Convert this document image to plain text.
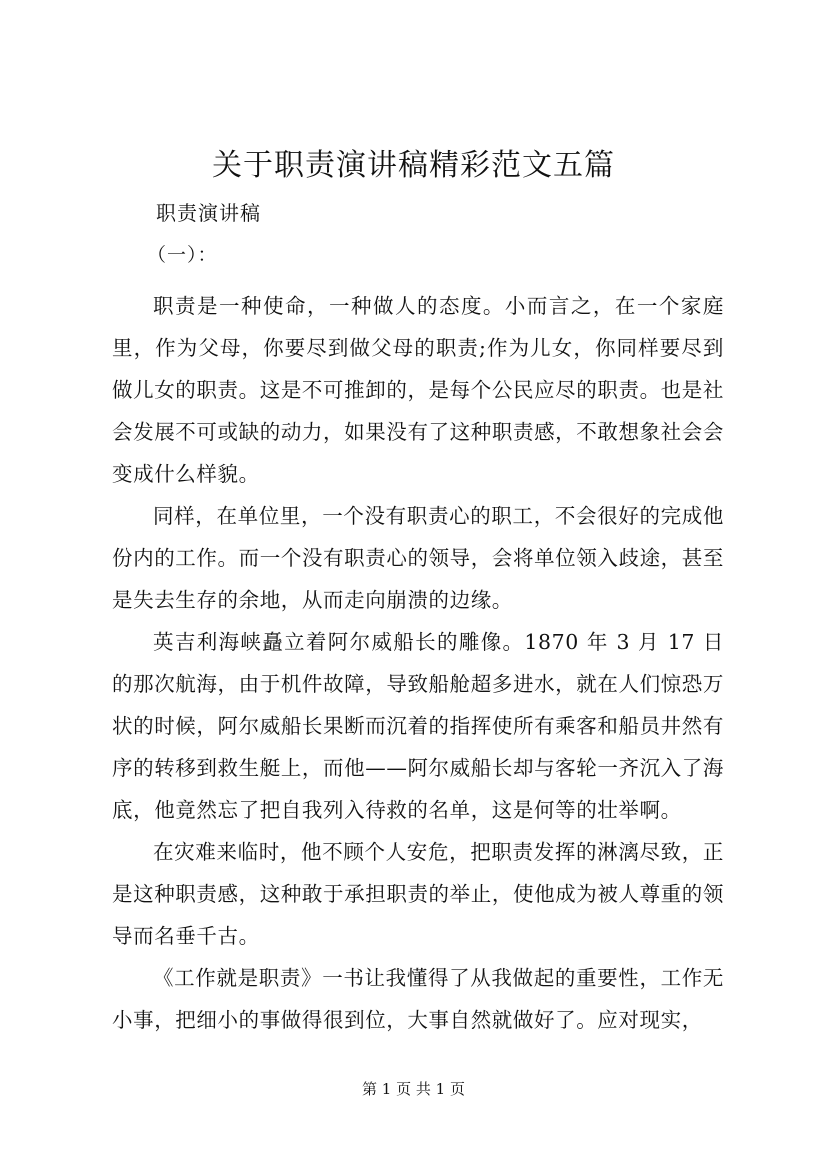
关于职责演讲稿精彩范文五篇
职责演讲稿
（一）：

职责是一种使命，一种做人的态度。小而言之，在一个家庭里，作为父母，你要尽到做父母的职责;作为儿女，你同样要尽到做儿女的职责。这是不可推卸的，是每个公民应尽的职责。也是社会发展不可或缺的动力，如果没有了这种职责感，不敢想象社会会变成什么样貌。

同样，在单位里，一个没有职责心的职工，不会很好的完成他份内的工作。而一个没有职责心的领导，会将单位领入歧途，甚至是失去生存的余地，从而走向崩溃的边缘。

英吉利海峡矗立着阿尔威船长的雕像。1870 年 3 月 17 日的那次航海，由于机件故障，导致船舱超多进水，就在人们惊恐万状的时候，阿尔威船长果断而沉着的指挥使所有乘客和船员井然有序的转移到救生艇上，而他——阿尔威船长却与客轮一齐沉入了海底，他竟然忘了把自我列入待救的名单，这是何等的壮举啊。

在灾难来临时，他不顾个人安危，把职责发挥的淋漓尽致，正是这种职责感，这种敢于承担职责的举止，使他成为被人尊重的领导而名垂千古。

《工作就是职责》一书让我懂得了从我做起的重要性，工作无小事，把细小的事做得很到位，大事自然就做好了。应对现实，

第 1 页 共 1 页
